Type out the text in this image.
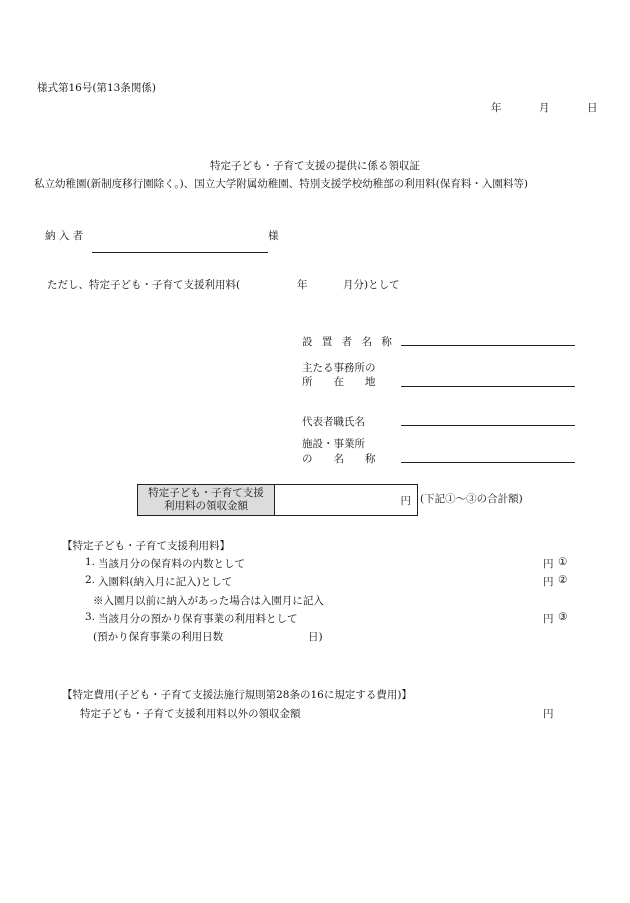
様式第16号(第13条関係)
年	月	日
特定子ども・子育て支援の提供に係る領収証
私立幼稚園(新制度移行園除く。)、国立大学附属幼稚園、特別支援学校幼稚部の利用料(保育料・入園料等)
納 入 者	様
ただし、特定子ども・子育て支援利用料(	年	月分)として
設 置 者 名 称
主たる事務所の
所　　在　　地
代表者職氏名
施設・事業所
の　　名　　称
特定子ども・子育て支援
利用料の領収金額	円 (下記①～③の合計額)
【特定子ども・子育て支援利用料】
1. 当該月分の保育料の内数として	円 ①
2. 入園料(納入月に記入)として	円 ②
※入園月以前に納入があった場合は入園月に記入
3. 当該月分の預かり保育事業の利用料として	円 ③
(預かり保育事業の利用日数	日)
【特定費用(子ども・子育て支援法施行規則第28条の16に規定する費用)】
特定子ども・子育て支援利用料以外の領収金額	円
